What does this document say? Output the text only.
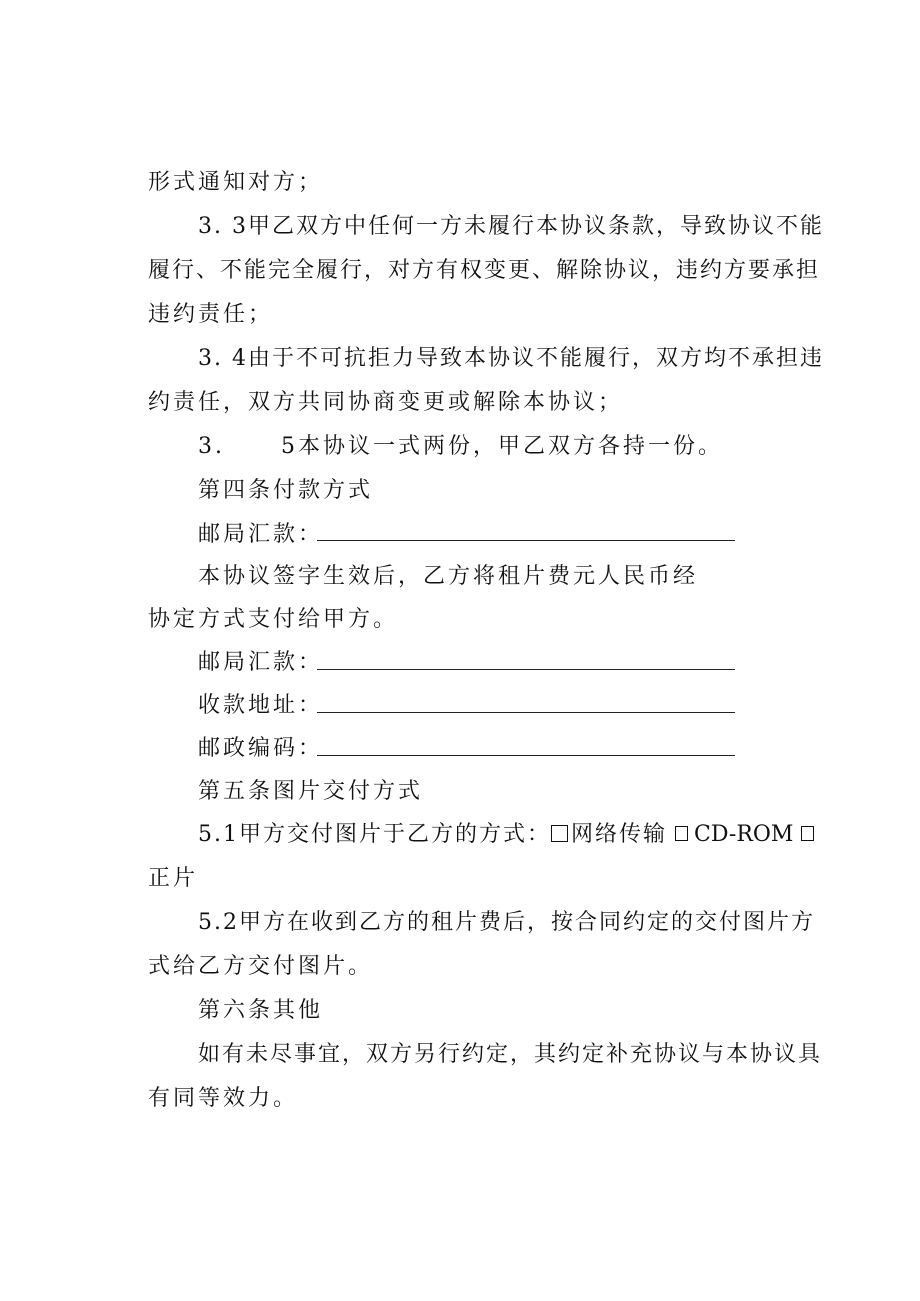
形式通知对方；
3. 3甲乙双方中任何一方未履行本协议条款，导致协议不能
履行、不能完全履行，对方有权变更、解除协议，违约方要承担
违约责任；
3. 4由于不可抗拒力导致本协议不能履行，双方均不承担违
约责任，双方共同协商变更或解除本协议；
3.	5本协议一式两份，甲乙双方各持一份。
第四条付款方式
邮局汇款：
本协议签字生效后，乙方将租片费元人民币经
协定方式支付给甲方。
邮局汇款：
收款地址：
邮政编码：
第五条图片交付方式
5.1甲方交付图片于乙方的方式： 网络传输 CD-ROM
正片
5.2甲方在收到乙方的租片费后，按合同约定的交付图片方
式给乙方交付图片。
第六条其他
如有未尽事宜，双方另行约定，其约定补充协议与本协议具
有同等效力。
